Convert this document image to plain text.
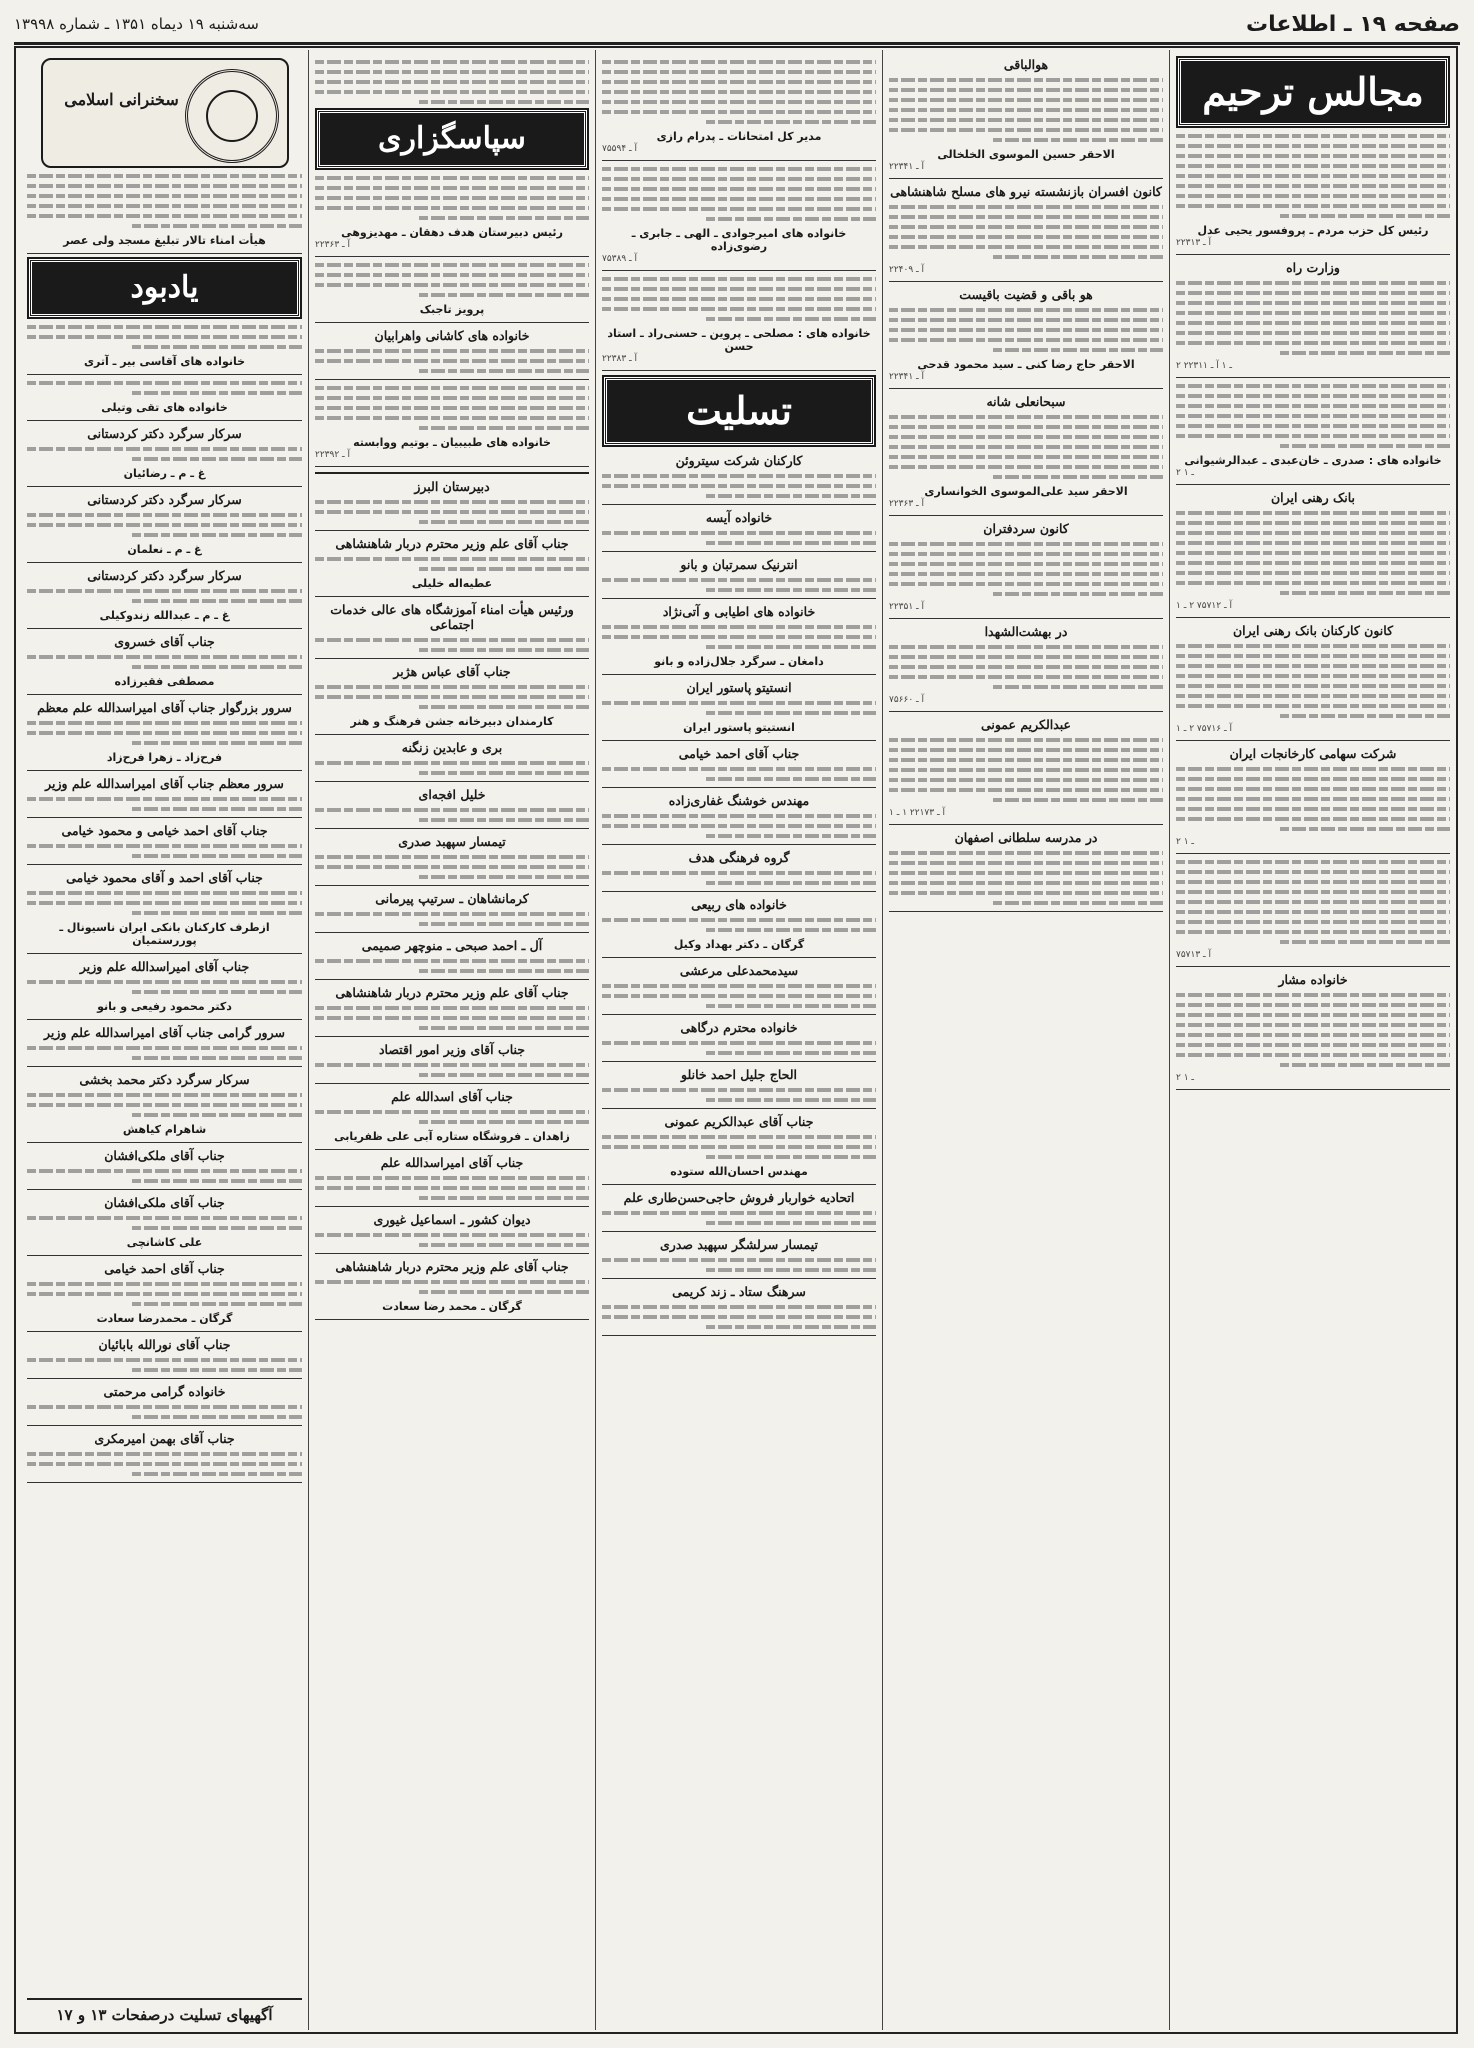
صفحه ۱۹ ـ اطلاعات
سه‌شنبه ۱۹ دیماه ۱۳۵۱ ـ شماره ۱۳۹۹۸
مجالس ترحیم
رئیس کل حزب مردم ـ پروفسور یحیی عدل
آ ـ ۲۲۳۱۳
وزارت راه
۲ ـ ۱ آ ـ ۲۲۳۱۱
خانواده های : صدری ـ خان‌عبدی ـ عبدالرشیوانی
۲ ـ ۱
بانک رهنی ایران
آ ـ ۷۵۷۱۲ ۲ ـ ۱
کانون کارکنان بانک رهنی ایران
آ ـ ۷۵۷۱۶ ۲ ـ ۱
شرکت سهامی کارخانجات ایران
۲ ـ ۱
آ ـ ۷۵۷۱۳
خانواده مشار
۲ ـ ۱
هوالباقی
الاحقر حسین الموسوی الخلخالی
آ ـ ۲۲۳۴۱
کانون افسران بازنشسته نیرو های مسلح شاهنشاهی
آ ـ ۲۲۴۰۹
هو باقی و قضیت باقیست
الاحقر حاج رضا کنی ـ سید محمود قدحی
آ ـ ۲۲۳۴۱
سبحانعلی شانه
الاحقر سید علی‌الموسوی الخوانساری
آ ـ ۲۲۳۶۳
کانون سردفتران
آ ـ ۲۲۳۵۱
در بهشت‌الشهدا
آ ـ ۷۵۶۶۰
عبدالکریم عمونی
آ ـ ۲۲۱۷۳ ۱ ـ ۱
در مدرسه سلطانی اصفهان
مدیر کل امتحانات ـ پدرام رازی
آ ـ ۷۵۵۹۴
خانواده های امیرجوادی ـ الهی ـ جابری ـ رضوی‌زاده
آ ـ ۷۵۳۸۹
خانواده های : مصلحی ـ پروین ـ حسنی‌راد ـ استاد حسن
آ ـ ۲۲۳۸۳
تسلیت
کارکنان شرکت سیتروئن
خانواده آیسه
انترنیک سمرتبان و بانو
خانواده های اطیابی و آتی‌نژاد
دامغان ـ سرگرد جلال‌زاده و بانو
انستیتو پاستور ایران
انستیتو پاستور ایران
جناب آقای احمد خیامی
مهندس خوشنگ غفاری‌زاده
گروه فرهنگی هدف
خانواده های ربیعی
گرگان ـ دکتر بهداد وکیل
سیدمحمدعلی مرعشی
خانواده محترم درگاهی
الحاج جلیل احمد خانلو
جناب آقای عبدالکریم عمونی
مهندس احسان‌الله ستوده
اتحادیه خواربار فروش حاجی‌حسن‌طاری علم
تیمسار سرلشگر سپهبد صدری
سرهنگ ستاد ـ زند کریمی
سپاسگزاری
رئیس دبیرستان هدف دهقان ـ مهدیزوهی
آ ـ ۲۲۳۶۳
پرویز تاجبک
خانواده های کاشانی واهرابیان
خانواده های طبیبیان ـ بوتیم ووابسته
آ ـ ۲۲۳۹۲
دبیرستان البرز
جناب آقای علم وزیر محترم دربار شاهنشاهی
عطیه‌اله خلیلی
ورئیس هیأت امناء آموزشگاه های عالی خدمات اجتماعی
جناب آقای عباس هژبر
کارمندان دبیرخانه جشن فرهنگ و هنر
بری و عابدین زنگنه
خلیل افجه‌ای
تیمسار سپهبد صدری
کرمانشاهان ـ سرتیپ پیرمانی
آل ـ احمد صبحی ـ منوچهر صمیمی
جناب آقای علم وزیر محترم دربار شاهنشاهی
جناب آقای وزیر امور اقتصاد
جناب آقای اسدالله علم
زاهدان ـ فروشگاه ستاره آبی علی ظفریابی
جناب آقای امیراسدالله علم
دیوان کشور ـ اسماعیل غیوری
جناب آقای علم وزیر محترم دربار شاهنشاهی
گرگان ـ محمد رضا سعادت
سخنرانی اسلامی
هیأت امناء تالار تبلیغ مسجد ولی عصر
یادبود
خانواده های آقاسی بیر ـ آتری
خانواده های تقی وتیلی
سرکار سرگرد دکتر کردستانی
غ ـ م ـ رضائیان
سرکار سرگرد دکتر کردستانی
غ ـ م ـ نعلمان
سرکار سرگرد دکتر کردستانی
غ ـ م ـ عبدالله زندوکیلی
جناب آقای خسروی
مصطفی فقیرزاده
سرور بزرگوار جناب آقای امیراسدالله علم معظم
فرح‌زاد ـ زهرا فرح‌زاد
سرور معظم جناب آقای امیراسدالله علم وزیر
جناب آقای احمد خیامی و محمود خیامی
جناب آقای احمد و آقای محمود خیامی
ازطرف کارکنان بانکی ایران ناسیونال ـ پوررستمیان
جناب آقای امیراسدالله علم وزیر
دکتر محمود رفیعی و بانو
سرور گرامی جناب آقای امیراسدالله علم وزیر
سرکار سرگرد دکتر محمد بخشی
شاهرام کیاهش
جناب آقای ملکی‌افشان
جناب آقای ملکی‌افشان
علی کاشانچی
جناب آقای احمد خیامی
گرگان ـ محمدرضا سعادت
جناب آقای نورالله بابائیان
خانواده گرامی مرحمتی
جناب آقای بهمن امیرمکری
آگهیهای تسلیت درصفحات ۱۳ و ۱۷
